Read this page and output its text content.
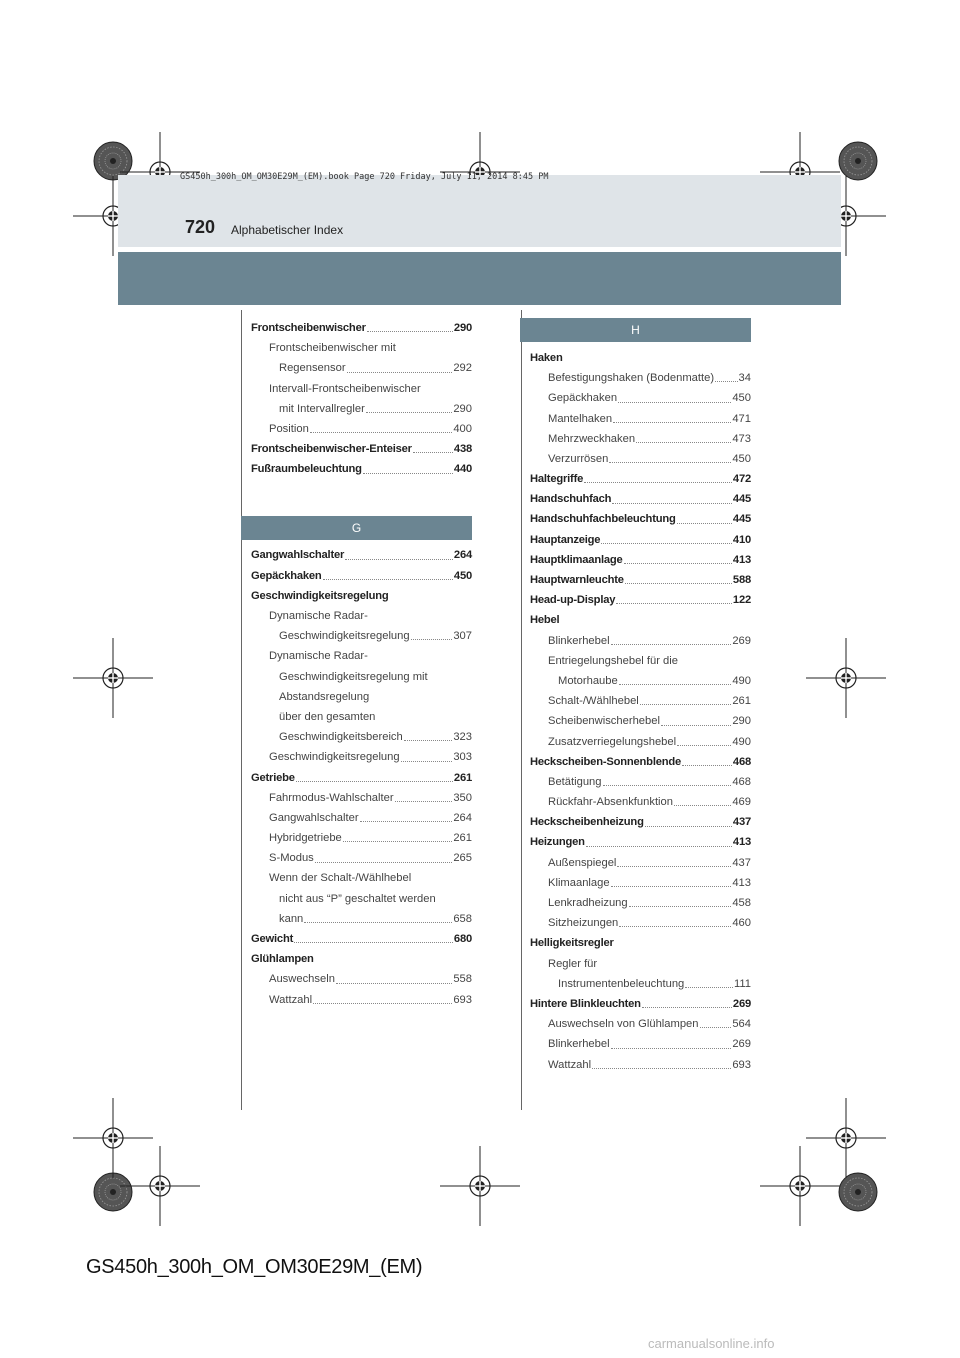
GS450h_300h_OM_OM30E29M_(EM).book Page 720 Friday, July 11, 2014 8:45 PM
720 Alphabetischer Index
Frontscheibenwischer	290
Frontscheibenwischer mit
Regensensor	292
Intervall-Frontscheibenwischer
mit Intervallregler	290
Position	400
Frontscheibenwischer-Enteiser	438
Fußraumbeleuchtung	440
G
Gangwahlschalter	264
Gepäckhaken	450
Geschwindigkeitsregelung
Dynamische Radar-
Geschwindigkeitsregelung	307
Dynamische Radar-
Geschwindigkeitsregelung mit
Abstandsregelung
über den gesamten
Geschwindigkeitsbereich	323
Geschwindigkeitsregelung	303
Getriebe	261
Fahrmodus-Wahlschalter	350
Gangwahlschalter	264
Hybridgetriebe	261
S-Modus	265
Wenn der Schalt-/Wählhebel
nicht aus “P” geschaltet werden
kann	658
Gewicht	680
Glühlampen
Auswechseln	558
Wattzahl	693
H
Haken
Befestigungshaken (Bodenmatte) 34
Gepäckhaken	450
Mantelhaken	471
Mehrzweckhaken	473
Verzurrösen	450
Haltegriffe	472
Handschuhfach	445
Handschuhfachbeleuchtung	445
Hauptanzeige	410
Hauptklimaanlage	413
Hauptwarnleuchte	588
Head-up-Display	122
Hebel
Blinkerhebel	269
Entriegelungshebel für die
Motorhaube	490
Schalt-/Wählhebel	261
Scheibenwischerhebel	290
Zusatzverriegelungshebel	490
Heckscheiben-Sonnenblende	468
Betätigung	468
Rückfahr-Absenkfunktion	469
Heckscheibenheizung	437
Heizungen	413
Außenspiegel	437
Klimaanlage	413
Lenkradheizung	458
Sitzheizungen	460
Helligkeitsregler
Regler für
Instrumentenbeleuchtung	111
Hintere Blinkleuchten	269
Auswechseln von Glühlampen	564
Blinkerhebel	269
Wattzahl	693
GS450h_300h_OM_OM30E29M_(EM)
carmanualsonline.info
